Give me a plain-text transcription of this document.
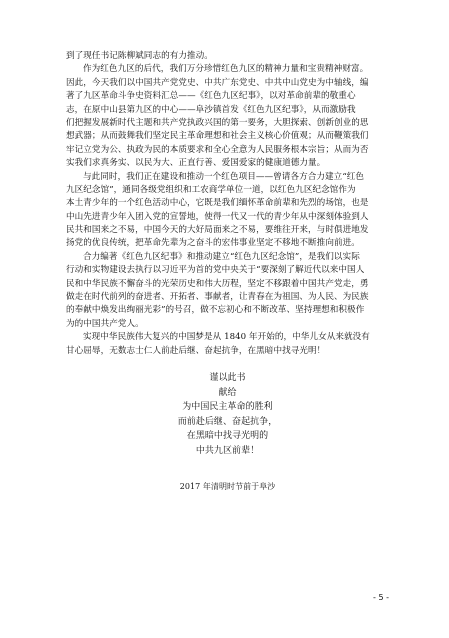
到了现任书记陈柳斌同志的有力推动。
作为红色九区的后代，我们万分珍惜红色九区的精神力量和宝贵精神财富。
因此，今天我们以中国共产党党史、中共广东党史、中共中山党史为中轴线，编
著了九区革命斗争史资料汇总——《红色九区纪事》，以对革命前辈的敬重心
志，在原中山县第九区的中心——阜沙镇首发《红色九区纪事》，从而激励我
们把握发展新时代主题和共产党执政兴国的第一要务，大胆探索、创新创业的思
想武器；从而鼓舞我们坚定民主革命理想和社会主义核心价值观；从而鞭策我们
牢记立党为公、执政为民的本质要求和全心全意为人民服务根本宗旨；从而为否
实我们求真务实、以民为大、正直行善、爱国爱家的健康道德力量。
与此同时，我们正在建设和推动一个红色项目——曾请各方合力建立“红色
九区纪念馆”，通同各级党组织和工农商学单位一道，以红色九区纪念馆作为
本土青少年的一个红色活动中心，它既是我们缅怀革命前辈和先烈的场馆，也是
中山先进青少年入团入党的宣誓地，使得一代又一代的青少年从中深刻体验到人
民共和国来之不易，中国今天的大好局面来之不易，要维往开来，与时俱进地发
扬党的优良传统，把革命先辈为之奋斗的宏伟事业坚定不移地不断推向前进。
合力编著《红色九区纪事》和推动建立“红色九区纪念馆”，是我们以实际
行动和实物建设去执行以习近平为首的党中央关于“要深刻了解近代以来中国人
民和中华民族不懈奋斗的光荣历史和伟大历程，坚定不移跟着中国共产党走，勇
做走在时代前列的奋进者、开拓者、事献者，让青春在为祖国、为人民、为民族
的奉献中焕发出绚丽光彩”的号召，做不忘初心和不断改革、坚持理想和积极作
为的中国共产党人。
实现中华民族伟大复兴的中国梦是从 1840 年开始的，中华儿女从来就没有
甘心屈辱，无数志士仁人前赴后继、奋起抗争，在黑暗中找寻光明！
谨以此书
献给
为中国民主革命的胜利
而前赴后继、奋起抗争，
在黑暗中找寻光明的
中共九区前辈！
2017 年清明时节前于阜沙
- 5 -
